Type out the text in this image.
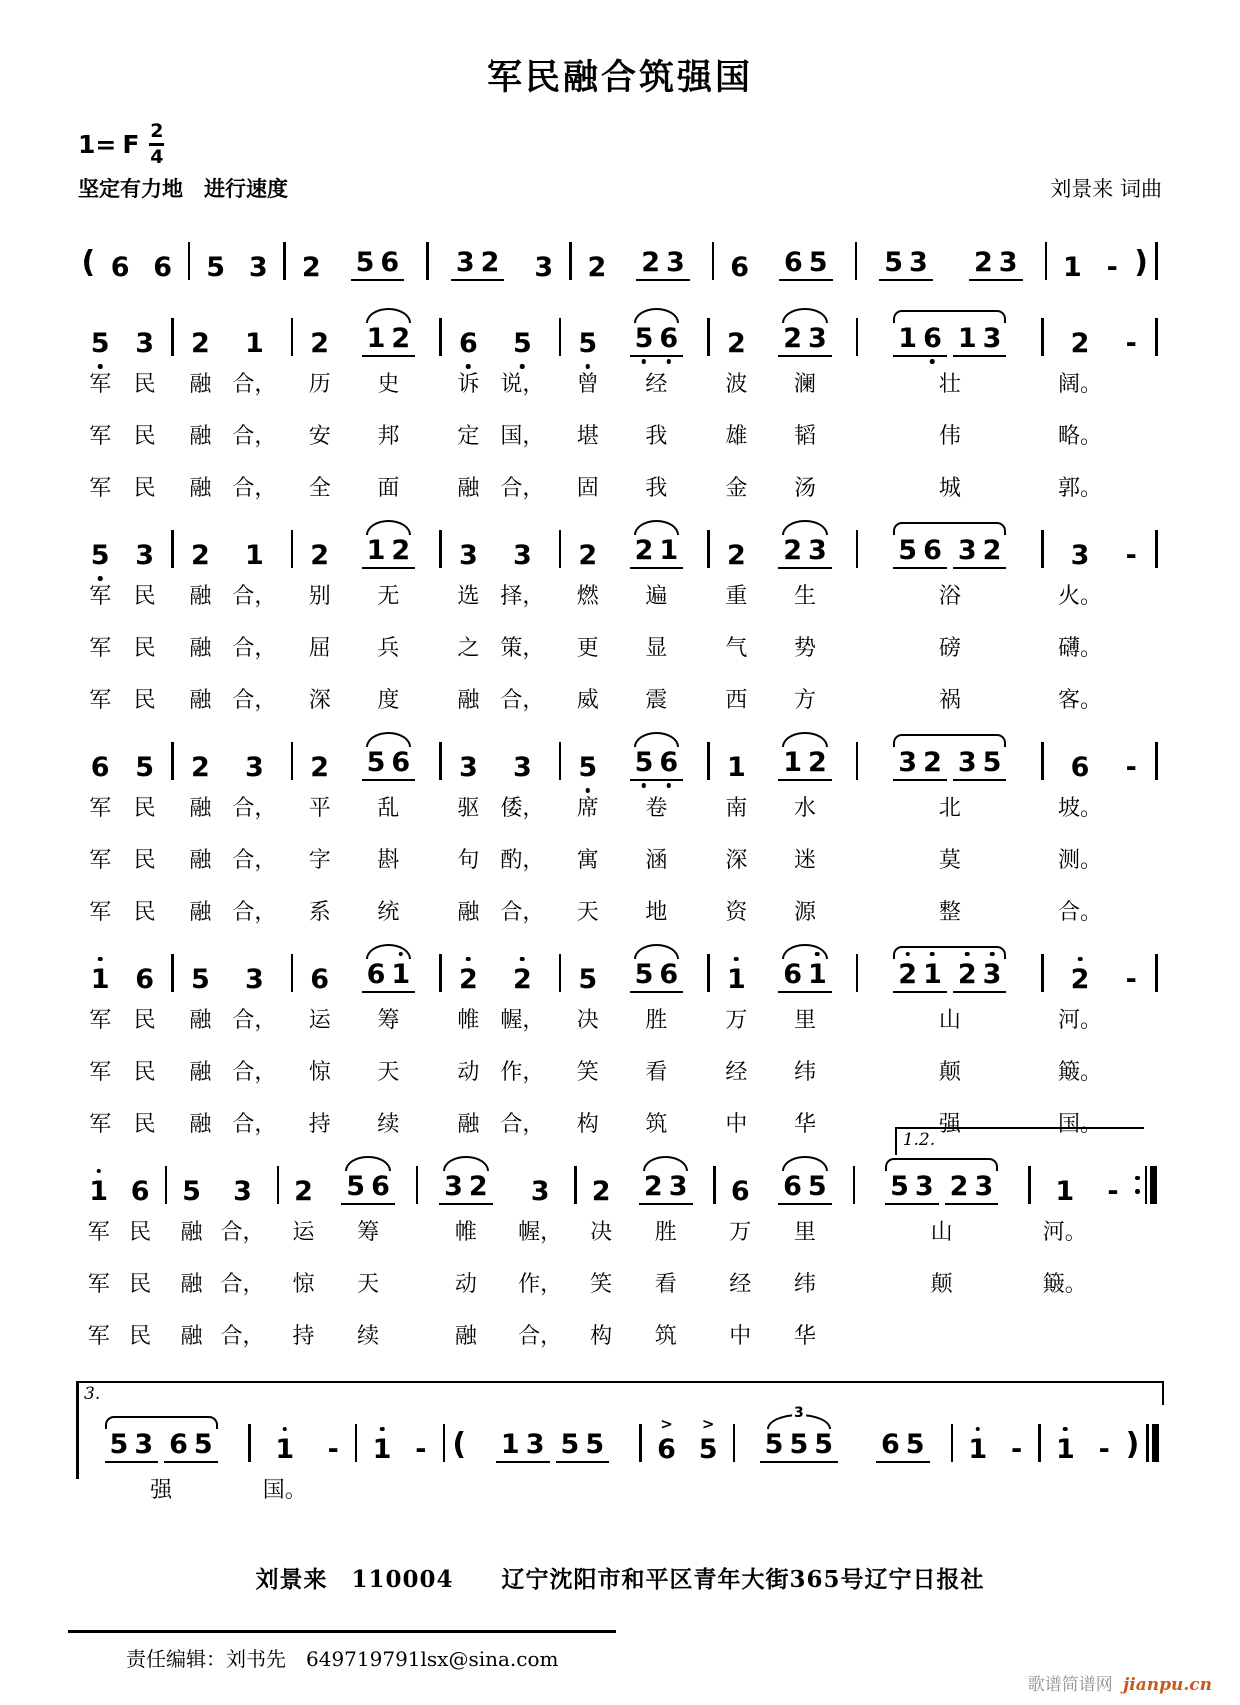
军民融合筑强国
1= F $\frac{2}{4}$
坚定有力地　进行速度	刘景来 词曲
( 6 6 5 3 2 5 6 3 2 3 2 2 3 6 6 5 5 3 2 3 1 - )
5
军
军
军
3
民
民
民
2
融
融
融
1
合，
合，
合，
2
历
安
全
1 2
史
邦
面
6
诉
定
融
5
说，
国，
合，
5
曾
堪
固
5 6
经
我
我
2
波
雄
金
2 3
澜
韬
汤
1 6 1 3
壮
伟
城
2
阔。
略。
郭。
-
5
军
军
军
3
民
民
民
2
融
融
融
1
合，
合，
合，
2
别
屈
深
1 2
无
兵
度
3
选
之
融
3
择，
策，
合，
2
燃
更
威
2 1
遍
显
震
2
重
气
西
2 3
生
势
方
5 6 3 2
浴
磅
祸
3
火。
礴。
客。
-
6
军
军
军
5
民
民
民
2
融
融
融
3
合，
合，
合，
2
平
字
系
5 6
乱
斟
统
3
驱
句
融
3
倭，
酌，
合，
5
席
寓
天
5 6
卷
涵
地
1
南
深
资
1 2
水
迷
源
3 2 3 5
北
莫
整
6
坡。
测。
合。
-
1
军
军
军
6
民
民
民
5
融
融
融
3
合，
合，
合，
6
运
惊
持
6 1
筹
天
续
2
帷
动
融
2
幄，
作，
合，
5
决
笑
构
5 6
胜
看
筑
1
万
经
中
6 1
里
纬
华
2 1 2 3
山
颠
强
2
河。
簸。
国。
-
1.2.
1
军
军
军
6
民
民
民
5
融
融
融
3
合，
合，
合，
2
运
惊
持
5 6
筹
天
续
3 2
帷
动
融
3
幄，
作，
合，
2
决
笑
构
2 3
胜
看
筑
6
万
经
中
6 5
里
纬
华
5 3 2 3
山
颠
1
河。
簸。
-
3.
5 3 6 5
强
1
国。
- 1 - ( 1 3 5 5 > 6 > 5
3
5 5 5 6 5 1 - 1 - )
刘景来　110004　　辽宁沈阳市和平区青年大街365号辽宁日报社
责任编辑：刘书先　649719791lsx@sina.com
歌谱简谱网 jianpu.cn
